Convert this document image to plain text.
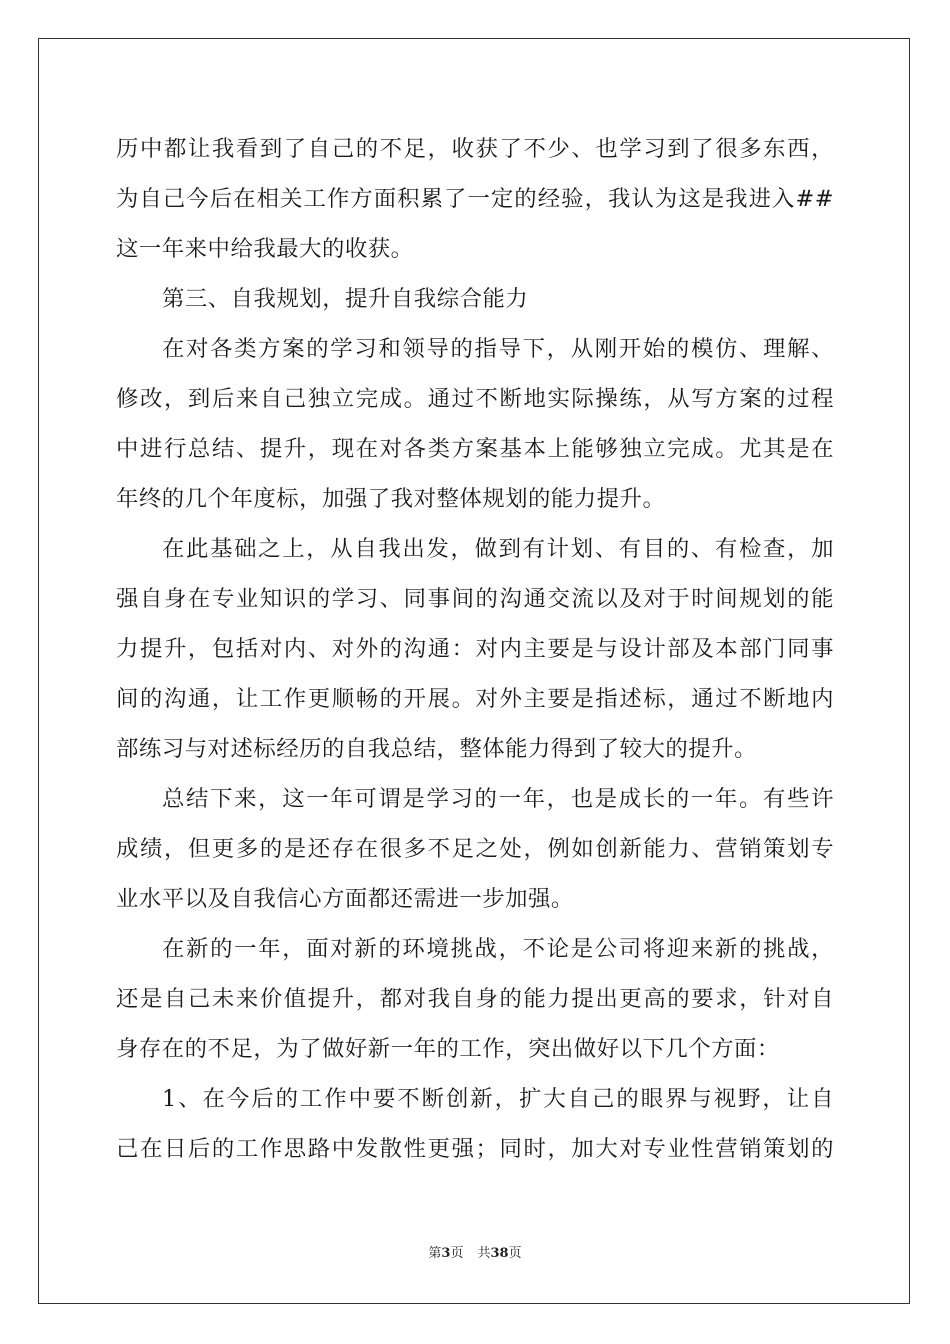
历中都让我看到了自己的不足，收获了不少、也学习到了很多东西，
为自己今后在相关工作方面积累了一定的经验，我认为这是我进入##
这一年来中给我最大的收获。
第三、自我规划，提升自我综合能力
在对各类方案的学习和领导的指导下，从刚开始的模仿、理解、
修改，到后来自己独立完成。通过不断地实际操练，从写方案的过程
中进行总结、提升，现在对各类方案基本上能够独立完成。尤其是在
年终的几个年度标，加强了我对整体规划的能力提升。
在此基础之上，从自我出发，做到有计划、有目的、有检查，加
强自身在专业知识的学习、同事间的沟通交流以及对于时间规划的能
力提升，包括对内、对外的沟通：对内主要是与设计部及本部门同事
间的沟通，让工作更顺畅的开展。对外主要是指述标，通过不断地内
部练习与对述标经历的自我总结，整体能力得到了较大的提升。
总结下来，这一年可谓是学习的一年，也是成长的一年。有些许
成绩，但更多的是还存在很多不足之处，例如创新能力、营销策划专
业水平以及自我信心方面都还需进一步加强。
在新的一年，面对新的环境挑战，不论是公司将迎来新的挑战，
还是自己未来价值提升，都对我自身的能力提出更高的要求，针对自
身存在的不足，为了做好新一年的工作，突出做好以下几个方面：
1、在今后的工作中要不断创新，扩大自己的眼界与视野，让自
己在日后的工作思路中发散性更强；同时，加大对专业性营销策划的
第3页 共38页
